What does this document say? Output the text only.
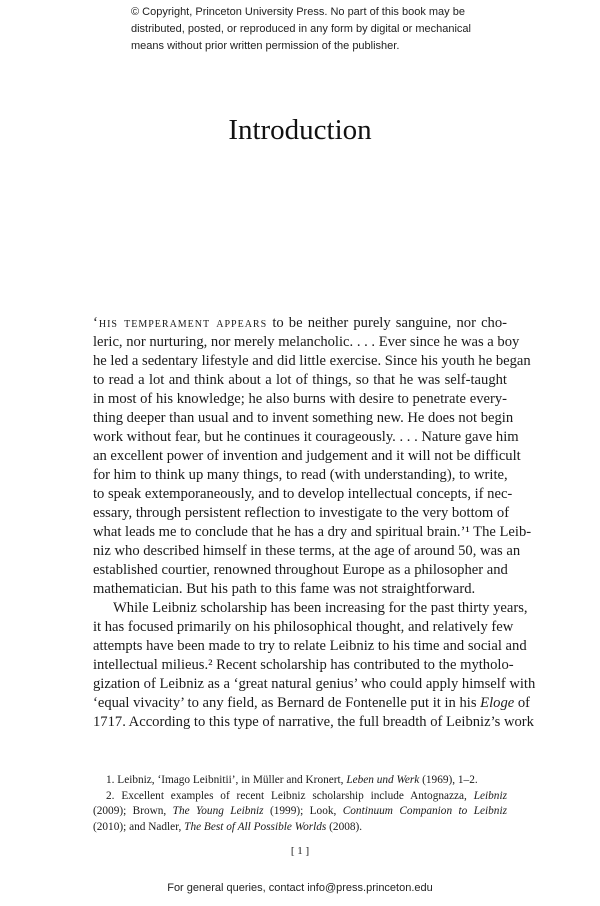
© Copyright, Princeton University Press. No part of this book may be
distributed, posted, or reproduced in any form by digital or mechanical
means without prior written permission of the publisher.
Introduction
‘his temperament appears to be neither purely sanguine, nor cho-
leric, nor nurturing, nor merely melancholic. . . . Ever since he was a boy
he led a sedentary lifestyle and did little exercise. Since his youth he began
to read a lot and think about a lot of things, so that he was self-taught
in most of his knowledge; he also burns with desire to penetrate every-
thing deeper than usual and to invent something new. He does not begin
work without fear, but he continues it courageously. . . . Nature gave him
an excellent power of invention and judgement and it will not be difficult
for him to think up many things, to read (with understanding), to write,
to speak extemporaneously, and to develop intellectual concepts, if nec-
essary, through persistent reflection to investigate to the very bottom of
what leads me to conclude that he has a dry and spiritual brain.’¹ The Leib-
niz who described himself in these terms, at the age of around 50, was an
established courtier, renowned throughout Europe as a philosopher and
mathematician. But his path to this fame was not straightforward.
While Leibniz scholarship has been increasing for the past thirty years,
it has focused primarily on his philosophical thought, and relatively few
attempts have been made to try to relate Leibniz to his time and social and
intellectual milieus.² Recent scholarship has contributed to the mytholo-
gization of Leibniz as a ‘great natural genius’ who could apply himself with
‘equal vivacity’ to any field, as Bernard de Fontenelle put it in his Eloge of
1717. According to this type of narrative, the full breadth of Leibniz’s work
1. Leibniz, ‘Imago Leibnitii’, in Müller and Kronert, Leben und Werk (1969), 1–2.
2. Excellent examples of recent Leibniz scholarship include Antognazza, Leibniz
(2009); Brown, The Young Leibniz (1999); Look, Continuum Companion to Leibniz
(2010); and Nadler, The Best of All Possible Worlds (2008).
[ 1 ]
For general queries, contact info@press.princeton.edu
